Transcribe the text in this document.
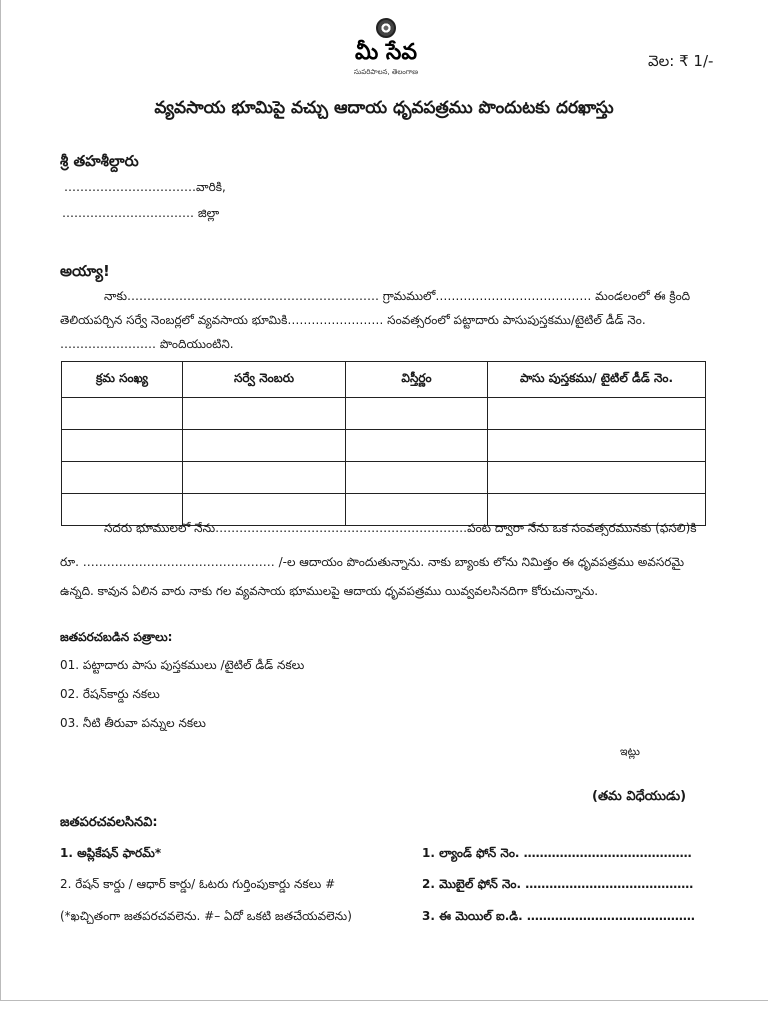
మీ సేవ
సుపరిపాలన, తెలంగాణ
వెల: ₹ 1/-
వ్యవసాయ భూమిపై వచ్చు ఆదాయ ధృవపత్రము పొందుటకు దరఖాస్తు
శ్రీ తహశీల్దారు
……………………………వారికి,
…………………………… జిల్లా
అయ్యా!
నాకు……………………………………………………… గ్రామములో………………………………… మండలంలో ఈ క్రింది
తెలియపర్చిన సర్వే నెంబర్లలో వ్యవసాయ భూమికి…………………… సంవత్సరంలో పట్టాదారు పాసుపుస్తకము/టైటిల్ డీడ్ నెం.
…………………… పొందియుంటిని.
క్రమ సంఖ్య	సర్వే నెంబరు	విస్తీర్ణం	పాసు పుస్తకము/ టైటిల్ డీడ్ నెం.

సదరు భూములలో నేను………………………………………………………పంట ద్వారా నేను ఒక సంవత్సరమునకు (ఫసలి)కి
రూ. ………………………………………… /-ల ఆదాయం పొందుతున్నాను. నాకు బ్యాంకు లోను నిమిత్తం ఈ ధృవపత్రము అవసరమై
ఉన్నది. కావున ఏలిన వారు నాకు గల వ్యవసాయ భూములపై ఆదాయ ధృవపత్రము యివ్వవలసినదిగా కోరుచున్నాను.
జతపరచబడిన పత్రాలు:
01. పట్టాదారు పాసు పుస్తకములు /టైటిల్ డీడ్ నకలు
02. రేషన్‌కార్డు నకలు
03. నీటి తీరువా పన్నుల నకలు
ఇట్లు
(తమ విధేయుడు)
జతపరచవలసినవి:
1. అప్లికేషన్ ఫారమ్*
2. రేషన్ కార్డు / ఆధార్ కార్డు/ ఓటరు గుర్తింపుకార్డు నకలు #
(*ఖచ్చితంగా జతపరచవలెను. #– ఏదో ఒకటి జతచేయవలెను)
1. ల్యాండ్ ఫోన్ నెం. ……………………………………
2. మొబైల్ ఫోన్ నెం. ……………………………………
3. ఈ మెయిల్ ఐ.డి. ……………………………………
